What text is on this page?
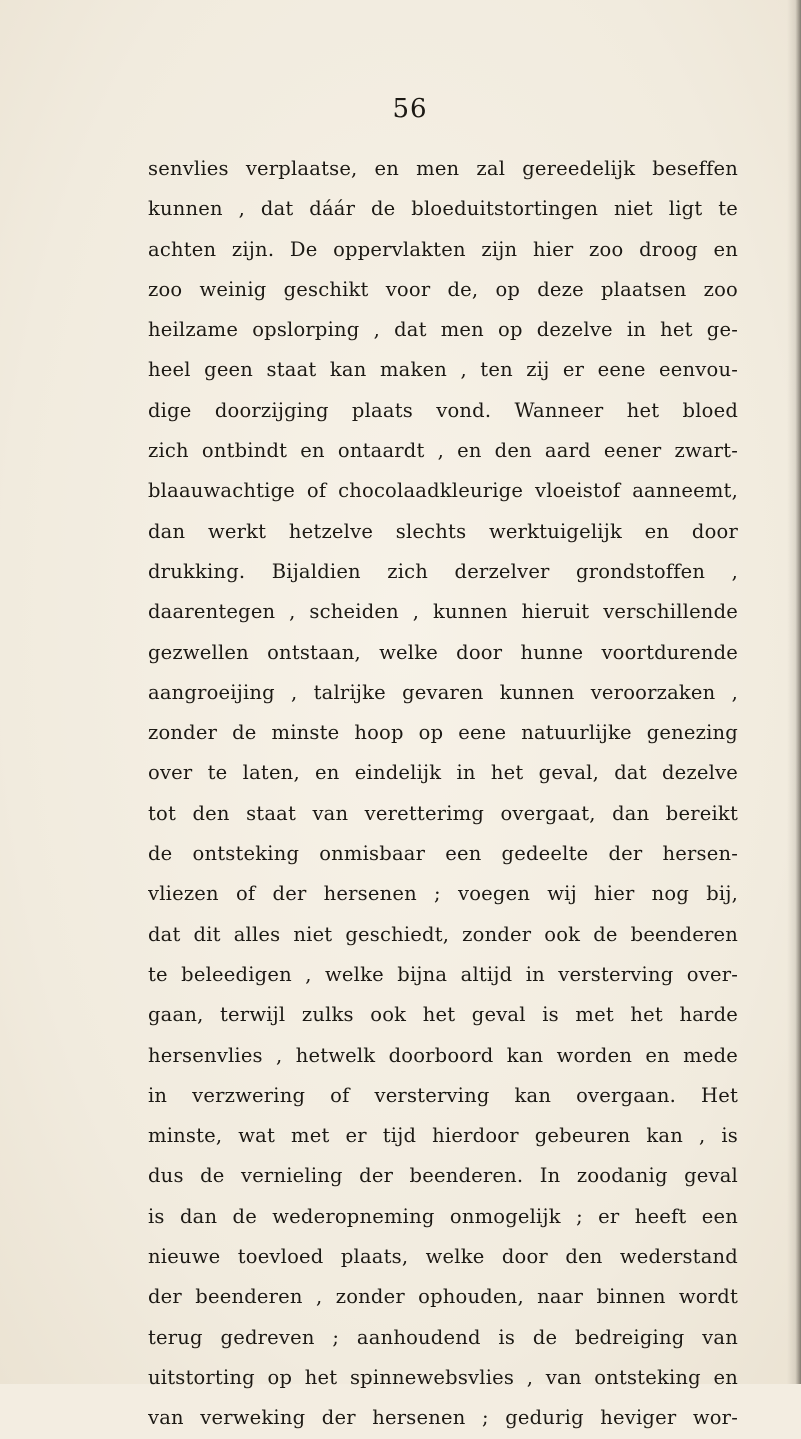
56
senvlies verplaatse, en men zal gereedelijk beseffen
kunnen , dat dáár de bloeduitstortingen niet ligt te
achten zijn. De oppervlakten zijn hier zoo droog en
zoo weinig geschikt voor de, op deze plaatsen zoo
heilzame opslorping , dat men op dezelve in het ge-
heel geen staat kan maken , ten zij er eene eenvou-
dige doorzijging plaats vond. Wanneer het bloed
zich ontbindt en ontaardt , en den aard eener zwart-
blaauwachtige of chocolaadkleurige vloeistof aanneemt,
dan werkt hetzelve slechts werktuigelijk en door
drukking. Bijaldien zich derzelver grondstoffen ,
daarentegen , scheiden , kunnen hieruit verschillende
gezwellen ontstaan, welke door hunne voortdurende
aangroeijing , talrijke gevaren kunnen veroorzaken ,
zonder de minste hoop op eene natuurlijke genezing
over te laten, en eindelijk in het geval, dat dezelve
tot den staat van veretterimg overgaat, dan bereikt
de ontsteking onmisbaar een gedeelte der hersen-
vliezen of der hersenen ; voegen wij hier nog bij,
dat dit alles niet geschiedt, zonder ook de beenderen
te beleedigen , welke bijna altijd in versterving over-
gaan, terwijl zulks ook het geval is met het harde
hersenvlies , hetwelk doorboord kan worden en mede
in verzwering of versterving kan overgaan. Het
minste, wat met er tijd hierdoor gebeuren kan , is
dus de vernieling der beenderen. In zoodanig geval
is dan de wederopneming onmogelijk ; er heeft een
nieuwe toevloed plaats, welke door den wederstand
der beenderen , zonder ophouden, naar binnen wordt
terug gedreven ; aanhoudend is de bedreiging van
uitstorting op het spinnewebsvlies , van ontsteking en
van verweking der hersenen ; gedurig heviger wor-
